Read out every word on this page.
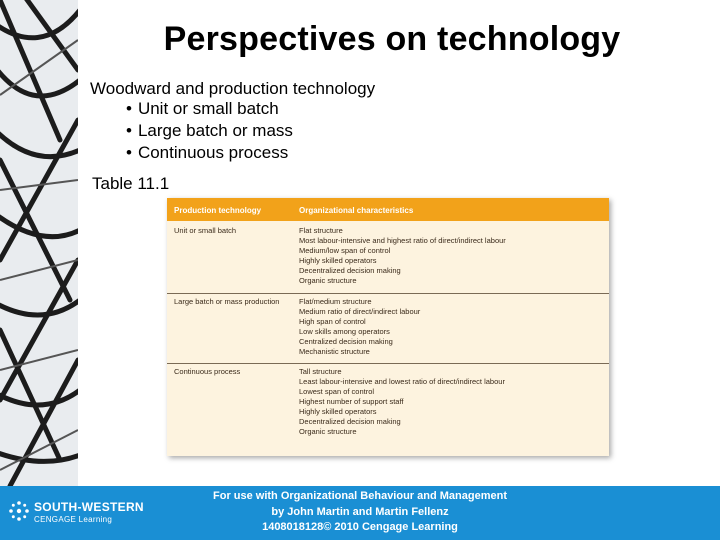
Perspectives on technology
Woodward and production technology
• Unit or small batch
• Large batch or mass
• Continuous process
Table 11.1
Production technology	Organizational characteristics
Unit or small batch	Flat structure
Most labour-intensive and highest ratio of direct/indirect labour
Medium/low span of control
Highly skilled operators
Decentralized decision making
Organic structure
Large batch or mass production	Flat/medium structure
Medium ratio of direct/indirect labour
High span of control
Low skills among operators
Centralized decision making
Mechanistic structure
Continuous process	Tall structure
Least labour-intensive and lowest ratio of direct/indirect labour
Lowest span of control
Highest number of support staff
Highly skilled operators
Decentralized decision making
Organic structure
SOUTH-WESTERN
CENGAGE Learning
For use with Organizational Behaviour and Management
by John Martin and Martin Fellenz
1408018128© 2010 Cengage Learning
